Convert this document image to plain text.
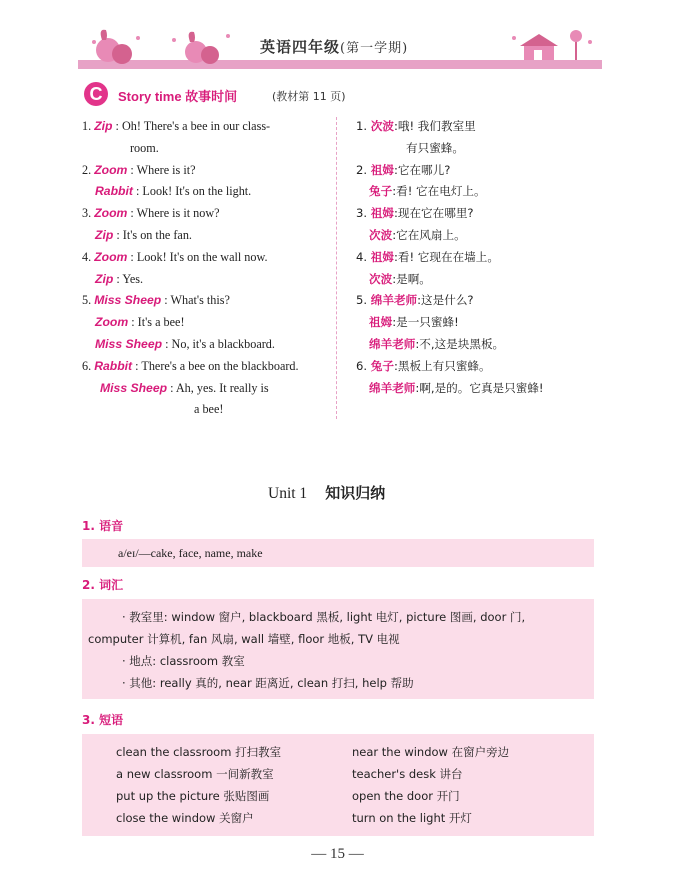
英语四年级(第一学期)
C	Story time 故事时间	(教材第 11 页)
1. Zip : Oh! There's a bee in our class-
room.
2. Zoom : Where is it?
Rabbit : Look! It's on the light.
3. Zoom : Where is it now?
Zip : It's on the fan.
4. Zoom : Look! It's on the wall now.
Zip : Yes.
5. Miss Sheep : What's this?
Zoom : It's a bee!
Miss Sheep : No, it's a blackboard.
6. Rabbit : There's a bee on the blackboard.
Miss Sheep : Ah, yes. It really is
a bee!
1. 次波:哦! 我们教室里
有只蜜蜂。
2. 祖姆:它在哪儿?
兔子:看! 它在电灯上。
3. 祖姆:现在它在哪里?
次波:它在风扇上。
4. 祖姆:看! 它现在在墙上。
次波:是啊。
5. 绵羊老师:这是什么?
祖姆:是一只蜜蜂!
绵羊老师:不,这是块黑板。
6. 兔子:黑板上有只蜜蜂。
绵羊老师:啊,是的。它真是只蜜蜂!
Unit 1 知识归纳
1. 语音
a/eɪ/—cake, face, name, make
2. 词汇
· 教室里: window 窗户, blackboard 黑板, light 电灯, picture 图画, door 门,
computer 计算机, fan 风扇, wall 墙壁, floor 地板, TV 电视
· 地点: classroom 教室
· 其他: really 真的, near 距离近, clean 打扫, help 帮助
3. 短语
clean the classroom 打扫教室
a new classroom 一间新教室
put up the picture 张贴图画
close the window 关窗户
near the window 在窗户旁边
teacher's desk 讲台
open the door 开门
turn on the light 开灯
— 15 —
